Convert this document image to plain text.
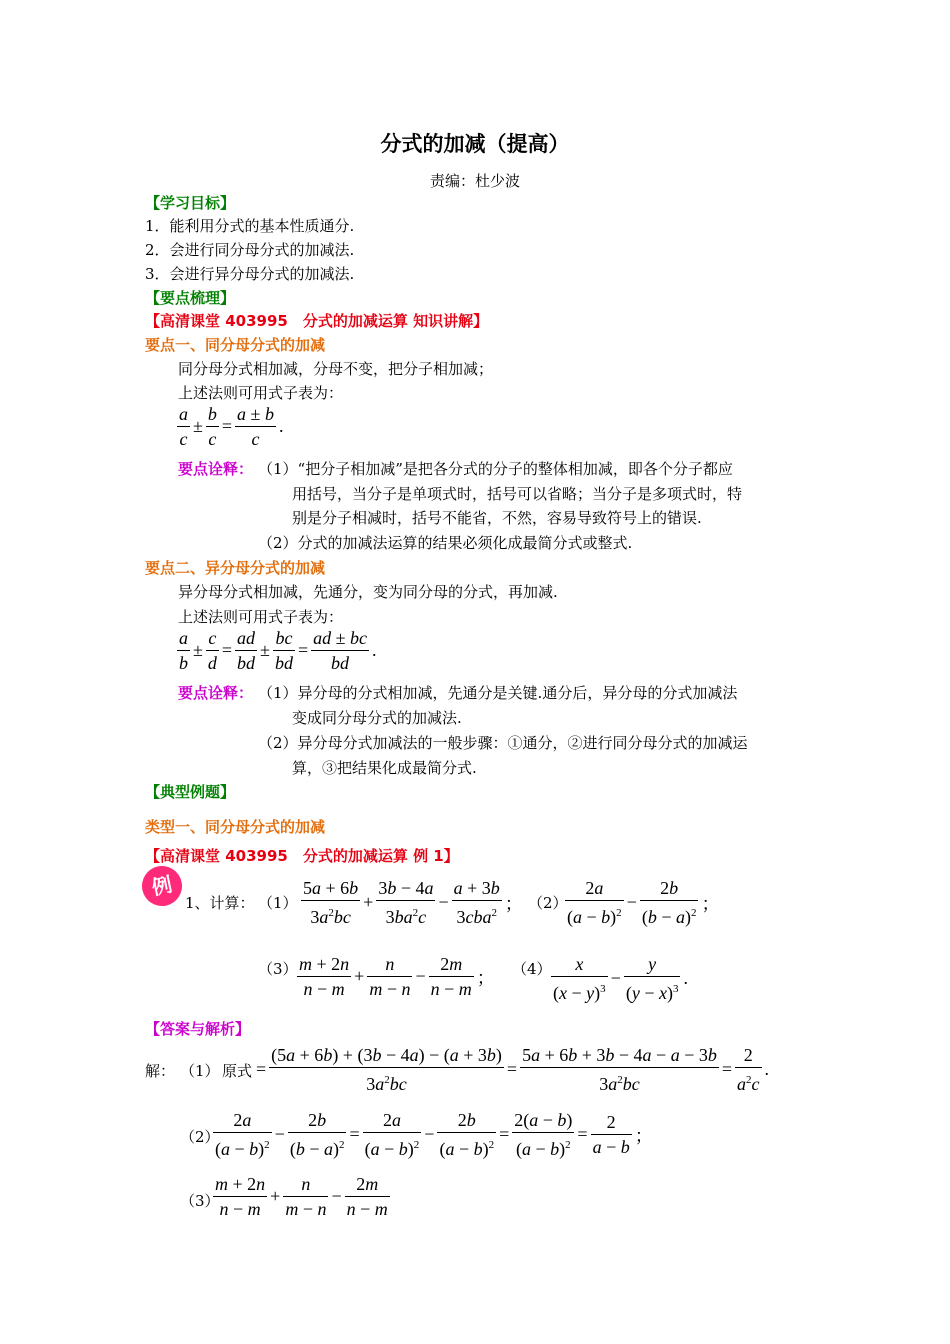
分式的加减（提高）
责编：杜少波
【学习目标】
1．能利用分式的基本性质通分.
2．会进行同分母分式的加减法.
3．会进行异分母分式的加减法.
【要点梳理】
【高清课堂 403995　分式的加减运算 知识讲解】
要点一、同分母分式的加减
同分母分式相加减，分母不变，把分子相加减；
上述法则可用式子表为：
$\frac{a}{c} \pm \frac{b}{c} = \frac{a \pm b}{c}$ .
要点诠释： （1）“把分子相加减”是把各分式的分子的整体相加减，即各个分子都应
用括号，当分子是单项式时，括号可以省略；当分子是多项式时，特
别是分子相减时，括号不能省，不然，容易导致符号上的错误.
（2）分式的加减法运算的结果必须化成最简分式或整式.
要点二、异分母分式的加减
异分母分式相加减，先通分，变为同分母的分式，再加减.
上述法则可用式子表为：
$\frac{a}{b} \pm \frac{c}{d} = \frac{ad}{bd} \pm \frac{bc}{bd} = \frac{ad \pm bc}{bd}$ .
要点诠释： （1）异分母的分式相加减，先通分是关键.通分后，异分母的分式加减法
变成同分母分式的加减法.
（2）异分母分式加减法的一般步骤：①通分，②进行同分母分式的加减运
算，③把结果化成最简分式.
【典型例题】
类型一、同分母分式的加减
【高清课堂 403995　分式的加减运算 例 1】
例
1、计算： $(1) \frac{5a + 6b}{3a^2bc} + \frac{3b - 4a}{3ba^2c} - \frac{a + 3b}{3cba^2}$ ； （2）
$\frac{2a}{(a - b)^2} - \frac{2b}{(b - a)^2}$ ；
$(3) \frac{m + 2n}{n - m} + \frac{n}{m - n} - \frac{2m}{n - m}$ ； $(4) \frac{x}{(x - y)^3} - \frac{y}{(y - x)^3}$ .
【答案与解析】
解： （1） 原式 = $\frac{(5a + 6b) + (3b - 4a) - (a + 3b)}{3a^2bc} = \frac{5a + 6b + 3b - 4a - a - 3b}{3a^2bc} = \frac{2}{a^2c}$ .
（2）
$\frac{2a}{(a - b)^2} - \frac{2b}{(b - a)^2} = \frac{2a}{(a - b)^2} - \frac{2b}{(a - b)^2} = \frac{2(a - b)}{(a - b)^2} = \frac{2}{a - b}$ ；
（3）
$\frac{m + 2n}{n - m} + \frac{n}{m - n} - \frac{2m}{n - m}$
